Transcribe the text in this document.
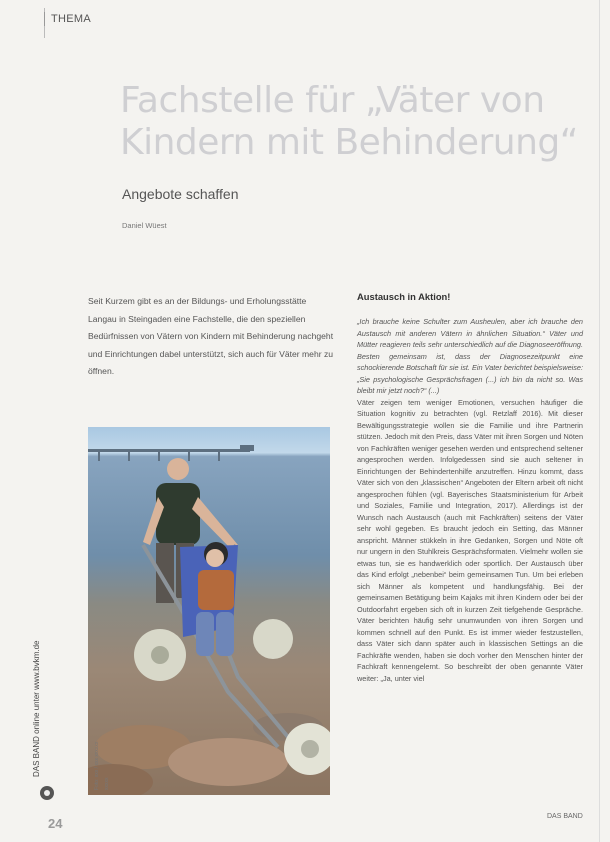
THEMA
Fachstelle für „Väter von
Kindern mit Behinderung“
Angebote schaffen
Daniel Wüest
Seit Kurzem gibt es an der Bildungs- und Erholungsstätte Langau in Steingaden eine Fachstelle, die den speziellen Bedürfnissen von Vätern von Kindern mit Behinderung nachgeht und Einrichtungen dabel unterstützt, sich auch für Väter mehr zu öffnen.
Foto: xxx / xxx xxxxxx xxxxx
DAS BAND online unter www.bvkm.de
Austausch in Aktion!
„Ich brauche keine Schulter zum Ausheulen, aber ich brauche den Austausch mit anderen Vätern in ähnlichen Situation.“ Väter und Mütter reagieren teils sehr unterschiedlich auf die Diagnoseeröffnung. Besten gemeinsam ist, dass der Diagnosezeitpunkt eine schockierende Botschaft für sie ist. Ein Vater berichtet beispielsweise: „Sie psychologische Gesprächsfragen (...) ich bin da nicht so. Was bleibt mir jetzt noch?“ (...)
Väter zeigen tem weniger Emotionen, versuchen häufiger die Situation kognitiv zu betrachten (vgl. Retzlaff 2016). Mit dieser Bewältigungsstrategie wollen sie die Familie und ihre Partnerin stützen. Jedoch mit den Preis, dass Väter mit ihren Sorgen und Nöten von Fachkräften weniger gesehen werden und entsprechend seltener angesprochen werden. Infolgedessen sind sie auch seltener in Einrichtungen der Behindertenhilfe anzutreffen. Hinzu kommt, dass Väter sich von den „klassischen“ Angeboten der Eltern arbeit oft nicht angesprochen fühlen (vgl. Bayerisches Staatsministerium für Arbeit und Soziales, Familie und Integration, 2017). Allerdings ist der Wunsch nach Austausch (auch mit Fachkräften) seitens der Väter sehr wohl gegeben. Es braucht jedoch ein Setting, das Männer anspricht. Männer stükkeln in ihre Gedanken, Sorgen und Nöte oft nur ungern in den Stuhlkreis Gesprächsformaten. Vielmehr wollen sie etwas tun, sie es handwerklich oder sportlich. Der Austausch über das Kind erfolgt „nebenbei“ beim gemeinsamen Tun. Um bei erleben sich Männer als kompetent und handlungsfähig. Bei der gemeinsamen Betätigung beim Kajaks mit ihren Kindern oder bei der Outdoorfahrt ergeben sich oft in kurzen Zeit tiefgehende Gespräche. Väter berichten häufig sehr unumwunden von ihren Sorgen und kommen schnell auf den Punkt. Es ist immer wieder festzustellen, dass Väter sich dann später auch in klassischen Settings an die Fachkräfte wenden, haben sie doch vorher den Menschen hinter der Fachkraft kennengelernt. So beschreibt der oben genannte Väter weiter: „Ja, unter viel
24	DAS BAND
